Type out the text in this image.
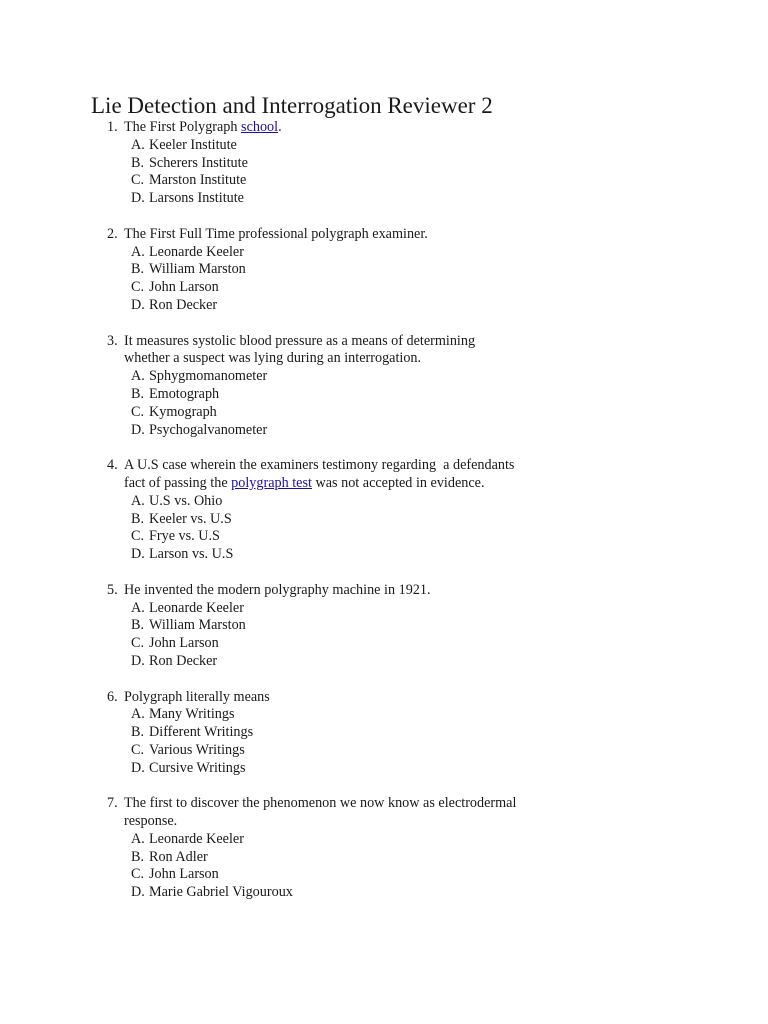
Lie Detection and Interrogation Reviewer 2
1. The First Polygraph school.
A. Keeler Institute
B. Scherers Institute
C. Marston Institute
D. Larsons Institute
2. The First Full Time professional polygraph examiner.
A. Leonarde Keeler
B. William Marston
C. John Larson
D. Ron Decker
3. It measures systolic blood pressure as a means of determining
whether a suspect was lying during an interrogation.
A. Sphygmomanometer
B. Emotograph
C. Kymograph
D. Psychogalvanometer
4. A U.S case wherein the examiners testimony regarding  a defendants
fact of passing the polygraph test was not accepted in evidence.
A. U.S vs. Ohio
B. Keeler vs. U.S
C. Frye vs. U.S
D. Larson vs. U.S
5. He invented the modern polygraphy machine in 1921.
A. Leonarde Keeler
B. William Marston
C. John Larson
D. Ron Decker
6. Polygraph literally means
A. Many Writings
B. Different Writings
C. Various Writings
D. Cursive Writings
7. The first to discover the phenomenon we now know as electrodermal
response.
A. Leonarde Keeler
B. Ron Adler
C. John Larson
D. Marie Gabriel Vigouroux
